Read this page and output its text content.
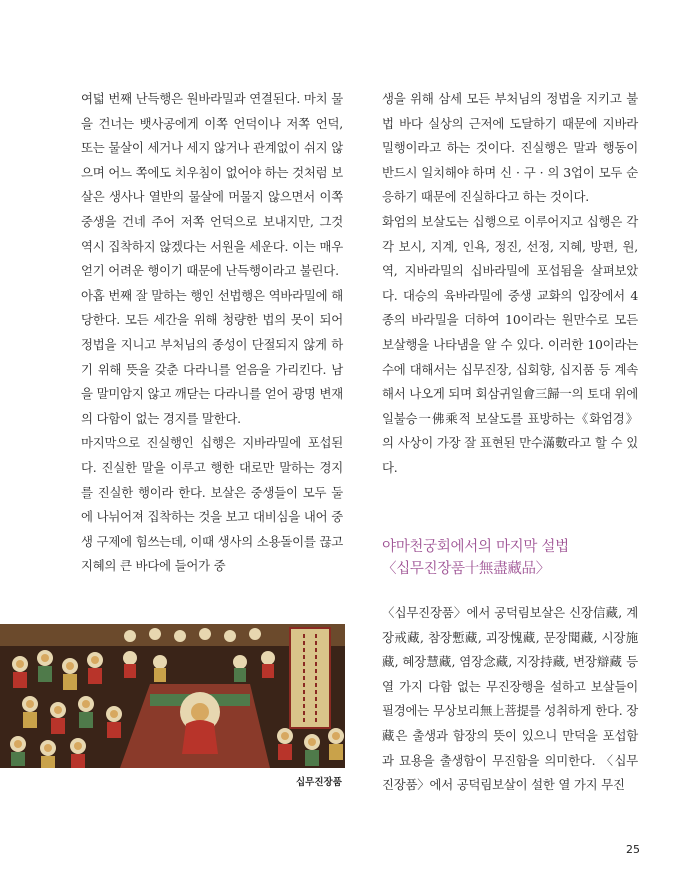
여덟 번째 난득행은 원바라밀과 연결된다. 마치 물을 건너는 뱃사공에게 이쪽 언덕이나 저쪽 언덕, 또는 물살이 세거나 세지 않거나 관계없이 쉬지 않으며 어느 쪽에도 치우침이 없어야 하는 것처럼 보살은 생사나 열반의 물살에 머물지 않으면서 이쪽 중생을 건네 주어 저쪽 언덕으로 보내지만, 그것 역시 집착하지 않겠다는 서원을 세운다. 이는 매우 얻기 어려운 행이기 때문에 난득행이라고 불린다.

아홉 번째 잘 말하는 행인 선법행은 역바라밀에 해당한다. 모든 세간을 위해 청량한 법의 못이 되어 정법을 지니고 부처님의 종성이 단절되지 않게 하기 위해 뜻을 갖춘 다라니를 얻음을 가리킨다. 남을 말미암지 않고 깨닫는 다라니를 얻어 광명 변재의 다함이 없는 경지를 말한다.

마지막으로 진실행인 십행은 지바라밀에 포섭된다. 진실한 말을 이루고 행한 대로만 말하는 경지를 진실한 행이라 한다. 보살은 중생들이 모두 둘에 나뉘어져 집착하는 것을 보고 대비심을 내어 중생 구제에 힘쓰는데, 이때 생사의 소용돌이를 끊고 지혜의 큰 바다에 들어가 중

생을 위해 삼세 모든 부처님의 정법을 지키고 불법 바다 실상의 근저에 도달하기 때문에 지바라밀행이라고 하는 것이다. 진실행은 말과 행동이 반드시 일치해야 하며 신 · 구 · 의 3업이 모두 순응하기 때문에 진실하다고 하는 것이다.

화엄의 보살도는 십행으로 이루어지고 십행은 각각 보시, 지계, 인욕, 정진, 선정, 지혜, 방편, 원, 역, 지바라밀의 십바라밀에 포섭됨을 살펴보았다. 대승의 육바라밀에 중생 교화의 입장에서 4종의 바라밀을 더하여 10이라는 원만수로 모든 보살행을 나타냄을 알 수 있다. 이러한 10이라는 수에 대해서는 십무진장, 십회향, 십지품 등 계속해서 나오게 되며 회삼귀일會三歸一의 토대 위에 일불승一佛乘적 보살도를 표방하는《화엄경》의 사상이 가장 잘 표현된 만수滿數라고 할 수 있다.

야마천궁회에서의 마지막 설법
〈십무진장품十無盡藏品〉

〈십무진장품〉에서 공덕림보살은 신장信藏, 계장戒藏, 참장慙藏, 괴장愧藏, 문장聞藏, 시장施藏, 혜장慧藏, 염장念藏, 지장持藏, 변장辯藏 등 열 가지 다함 없는 무진장행을 설하고 보살들이 필경에는 무상보리無上菩提를 성취하게 한다. 장藏은 출생과 함장의 뜻이 있으니 만덕을 포섭함과 묘용을 출생함이 무진함을 의미한다. 〈십무진장품〉에서 공덕림보살이 설한 열 가지 무진

십무진장품
25
